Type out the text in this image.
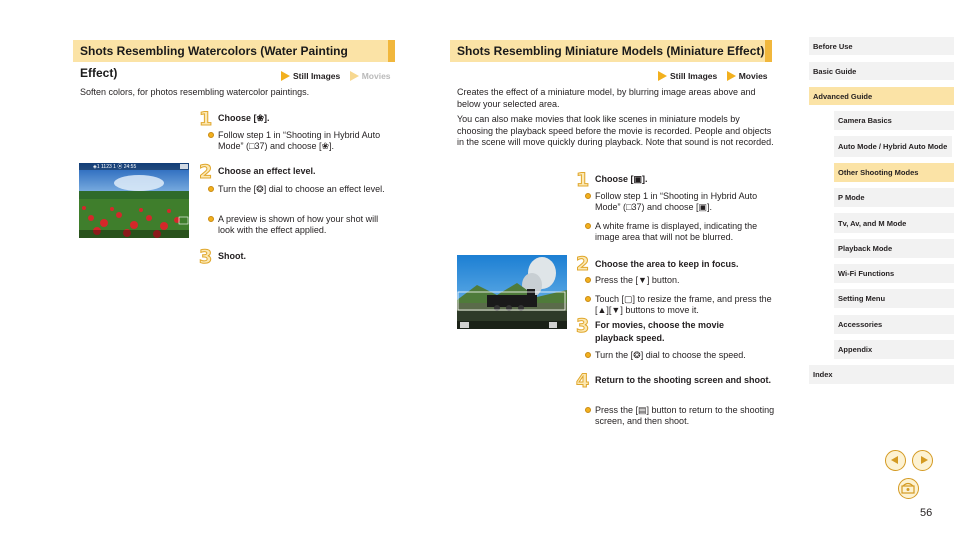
Shots Resembling Watercolors (Water Painting Effect)	Still Images	Movies
Soften colors, for photos resembling watercolor paintings.
◈1 1123 1 ⦿ 24:55
1 Choose [❀].
Follow step 1 in “Shooting in Hybrid Auto Mode” (□37) and choose [❀].
2 Choose an effect level.
Turn the [❂] dial to choose an effect level.
A preview is shown of how your shot will look with the effect applied.
3 Shoot.
Shots Resembling Miniature Models (Miniature Effect)
Still Images	Movies
Creates the effect of a miniature model, by blurring image areas above and below your selected area.
You can also make movies that look like scenes in miniature models by choosing the playback speed before the movie is recorded. People and objects in the scene will move quickly during playback. Note that sound is not recorded.
1 Choose [▣].
Follow step 1 in “Shooting in Hybrid Auto Mode” (□37) and choose [▣].
A white frame is displayed, indicating the image area that will not be blurred.
2 Choose the area to keep in focus.
Press the [▼] button.
Touch [▢] to resize the frame, and press the [▲][▼] buttons to move it.
3 For movies, choose the movie playback speed.
Turn the [❂] dial to choose the speed.
4 Return to the shooting screen and shoot.
Press the [▤] button to return to the shooting screen, and then shoot.
Before Use
Basic Guide
Advanced Guide
Camera Basics
Auto Mode / Hybrid Auto Mode
Other Shooting Modes
P Mode
Tv, Av, and M Mode
Playback Mode
Wi-Fi Functions
Setting Menu
Accessories
Appendix
Index
56
